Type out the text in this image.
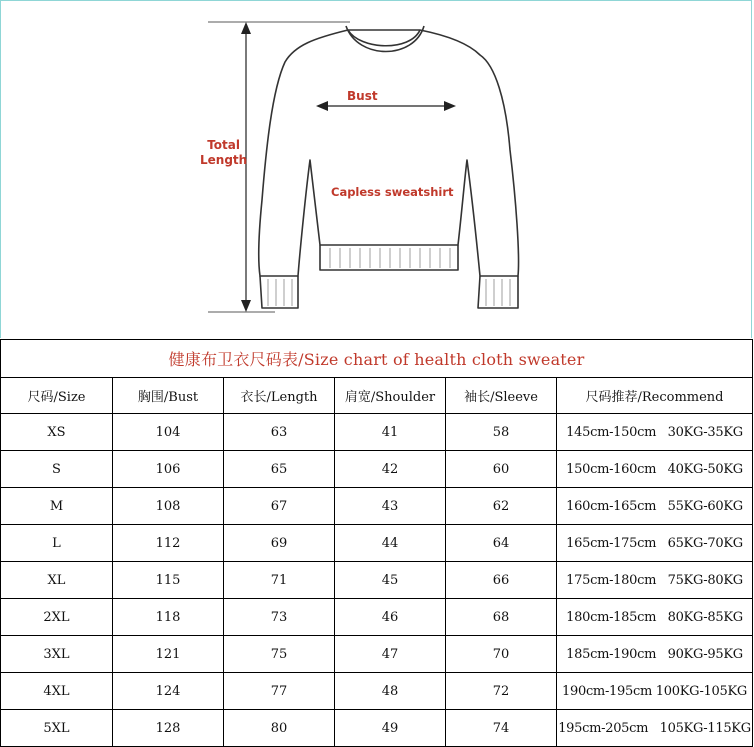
Total
Length
Bust
Capless sweatshirt
健康布卫衣尺码表/Size chart of health cloth sweater					
尺码/Size	胸围/Bust	衣长/Length	肩宽/Shoulder	袖长/Sleeve	尺码推荐/Recommend
XS	104	63	41	58	145cm-150cm   30KG-35KG
S	106	65	42	60	150cm-160cm   40KG-50KG
M	108	67	43	62	160cm-165cm   55KG-60KG
L	112	69	44	64	165cm-175cm   65KG-70KG
XL	115	71	45	66	175cm-180cm   75KG-80KG
2XL	118	73	46	68	180cm-185cm   80KG-85KG
3XL	121	75	47	70	185cm-190cm   90KG-95KG
4XL	124	77	48	72	190cm-195cm 100KG-105KG
5XL	128	80	49	74	195cm-205cm   105KG-115KG
